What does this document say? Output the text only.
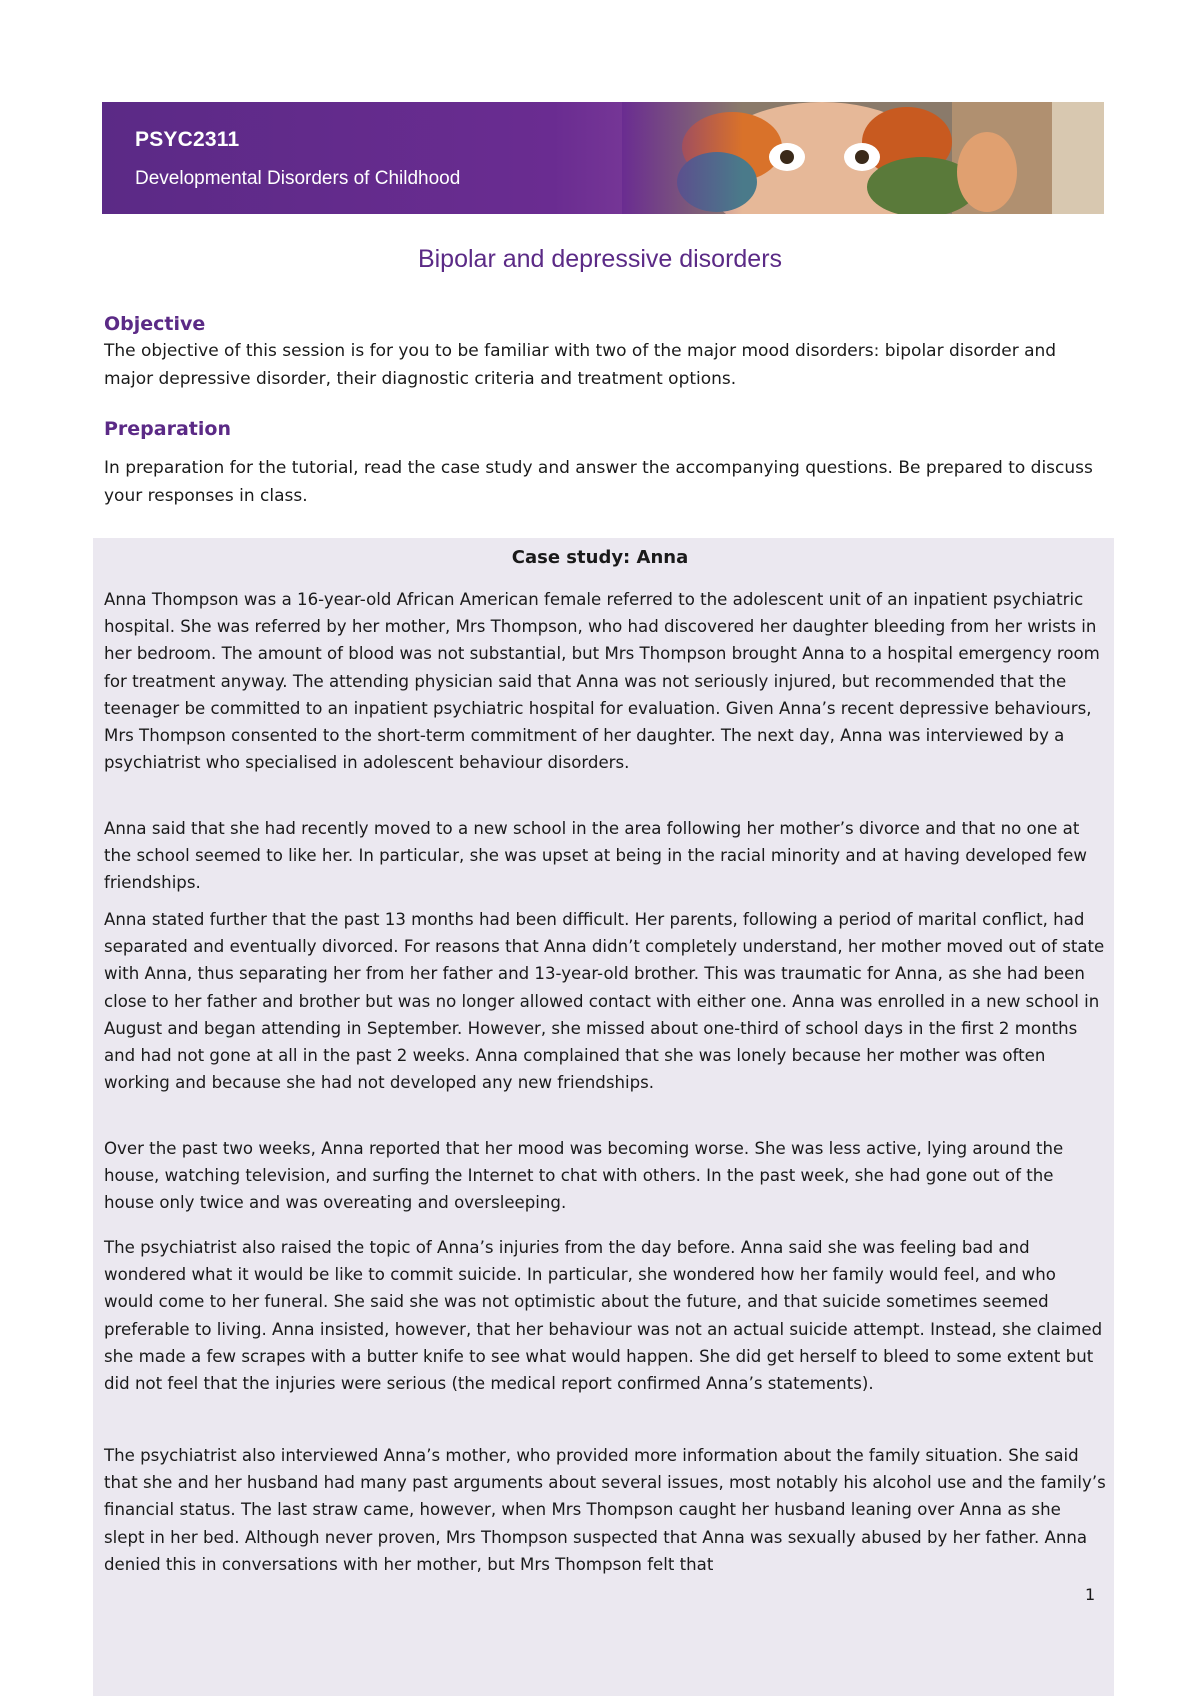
PSYC2311
Developmental Disorders of Childhood
Bipolar and depressive disorders
Objective

The objective of this session is for you to be familiar with two of the major mood disorders: bipolar disorder and major depressive disorder, their diagnostic criteria and treatment options.

Preparation

In preparation for the tutorial, read the case study and answer the accompanying questions. Be prepared to discuss your responses in class.

Case study: Anna

Anna Thompson was a 16-year-old African American female referred to the adolescent unit of an inpatient psychiatric hospital. She was referred by her mother, Mrs Thompson, who had discovered her daughter bleeding from her wrists in her bedroom. The amount of blood was not substantial, but Mrs Thompson brought Anna to a hospital emergency room for treatment anyway. The attending physician said that Anna was not seriously injured, but recommended that the teenager be committed to an inpatient psychiatric hospital for evaluation. Given Anna’s recent depressive behaviours, Mrs Thompson consented to the short-term commitment of her daughter. The next day, Anna was interviewed by a psychiatrist who specialised in adolescent behaviour disorders.

Anna said that she had recently moved to a new school in the area following her mother’s divorce and that no one at the school seemed to like her. In particular, she was upset at being in the racial minority and at having developed few friendships.

Anna stated further that the past 13 months had been difficult. Her parents, following a period of marital conflict, had separated and eventually divorced. For reasons that Anna didn’t completely understand, her mother moved out of state with Anna, thus separating her from her father and 13-year-old brother. This was traumatic for Anna, as she had been close to her father and brother but was no longer allowed contact with either one. Anna was enrolled in a new school in August and began attending in September. However, she missed about one-third of school days in the first 2 months and had not gone at all in the past 2 weeks. Anna complained that she was lonely because her mother was often working and because she had not developed any new friendships.

Over the past two weeks, Anna reported that her mood was becoming worse. She was less active, lying around the house, watching television, and surfing the Internet to chat with others. In the past week, she had gone out of the house only twice and was overeating and oversleeping.

The psychiatrist also raised the topic of Anna’s injuries from the day before. Anna said she was feeling bad and wondered what it would be like to commit suicide. In particular, she wondered how her family would feel, and who would come to her funeral. She said she was not optimistic about the future, and that suicide sometimes seemed preferable to living. Anna insisted, however, that her behaviour was not an actual suicide attempt. Instead, she claimed she made a few scrapes with a butter knife to see what would happen. She did get herself to bleed to some extent but did not feel that the injuries were serious (the medical report confirmed Anna’s statements).

The psychiatrist also interviewed Anna’s mother, who provided more information about the family situation. She said that she and her husband had many past arguments about several issues, most notably his alcohol use and the family’s financial status. The last straw came, however, when Mrs Thompson caught her husband leaning over Anna as she slept in her bed. Although never proven, Mrs Thompson suspected that Anna was sexually abused by her father. Anna denied this in conversations with her mother, but Mrs Thompson felt that

1
